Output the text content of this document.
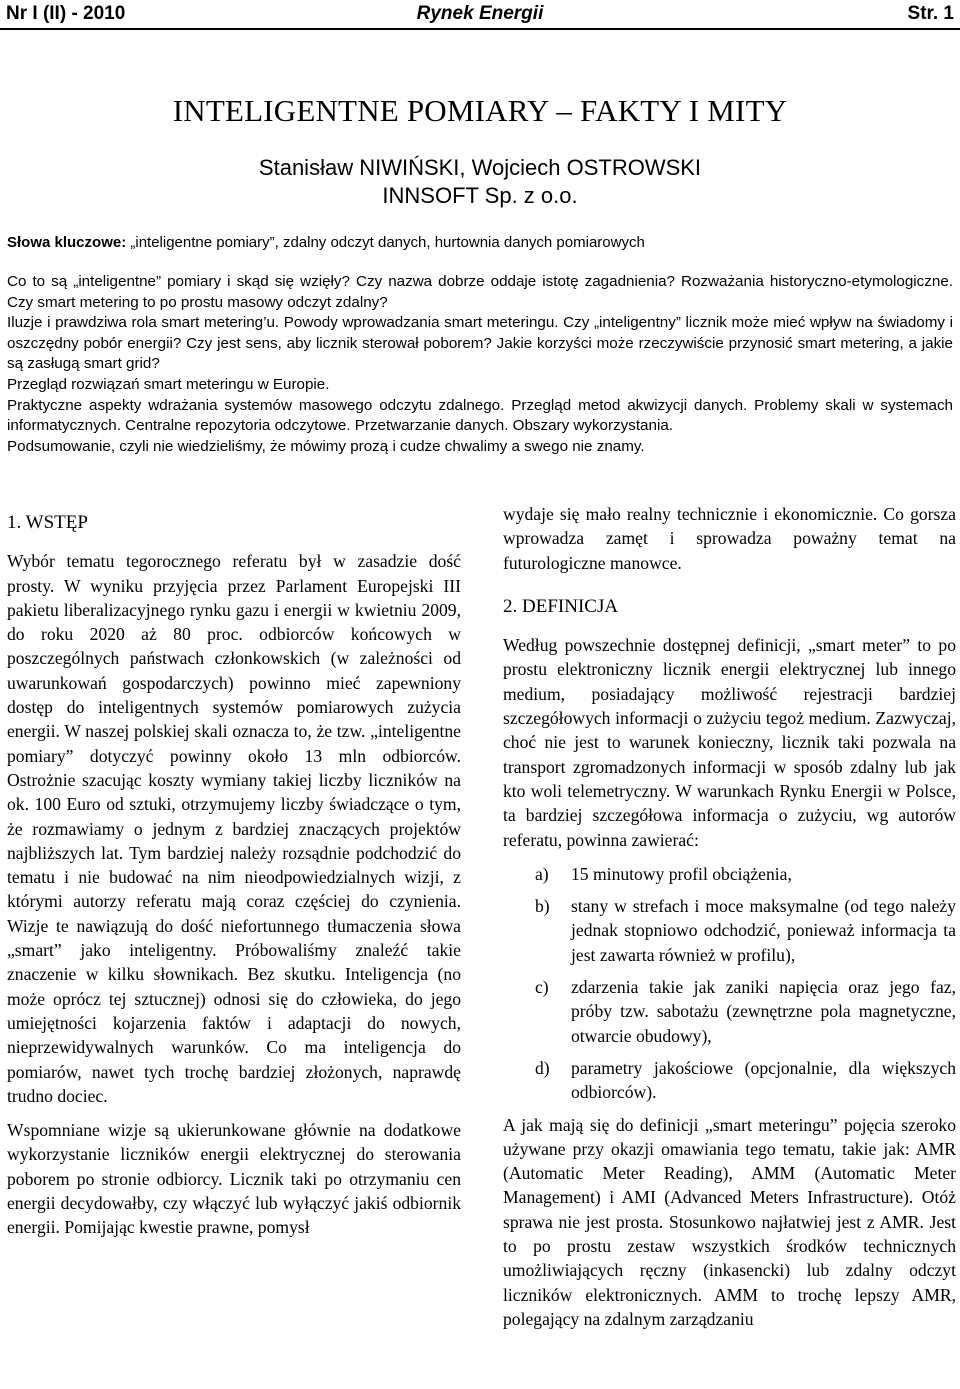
Nr I (II) - 2010	Rynek Energii	Str. 1
INTELIGENTNE POMIARY – FAKTY I MITY
Stanisław NIWIŃSKI, Wojciech OSTROWSKI
INNSOFT Sp. z o.o.
Słowa kluczowe: „inteligentne pomiary”, zdalny odczyt danych, hurtownia danych pomiarowych

Co to są „inteligentne” pomiary i skąd się wzięły? Czy nazwa dobrze oddaje istotę zagadnienia? Rozważania historyczno-etymologiczne. Czy smart metering to po prostu masowy odczyt zdalny?

Iluzje i prawdziwa rola smart metering’u. Powody wprowadzania smart meteringu. Czy „inteligentny” licznik może mieć wpływ na świadomy i oszczędny pobór energii? Czy jest sens, aby licznik sterował poborem? Jakie korzyści może rzeczywiście przynosić smart metering, a jakie są zasługą smart grid?

Przegląd rozwiązań smart meteringu w Europie.

Praktyczne aspekty wdrażania systemów masowego odczytu zdalnego. Przegląd metod akwizycji danych. Problemy skali w systemach informatycznych. Centralne repozytoria odczytowe. Przetwarzanie danych. Obszary wykorzystania.

Podsumowanie, czyli nie wiedzieliśmy, że mówimy prozą i cudze chwalimy a swego nie znamy.

1. WSTĘP

Wybór tematu tegorocznego referatu był w zasadzie dość prosty. W wyniku przyjęcia przez Parlament Europejski III pakietu liberalizacyjnego rynku gazu i energii w kwietniu 2009, do roku 2020 aż 80 proc. odbiorców końcowych w poszczególnych państwach członkowskich (w zależności od uwarunkowań gospodarczych) powinno mieć zapewniony dostęp do inteligentnych systemów pomiarowych zużycia energii. W naszej polskiej skali oznacza to, że tzw. „inteligentne pomiary” dotyczyć powinny około 13 mln odbiorców. Ostrożnie szacując koszty wymiany takiej liczby liczników na ok. 100 Euro od sztuki, otrzymujemy liczby świadczące o tym, że rozmawiamy o jednym z bardziej znaczących projektów najbliższych lat. Tym bardziej należy rozsądnie podchodzić do tematu i nie budować na nim nieodpowiedzialnych wizji, z którymi autorzy referatu mają coraz częściej do czynienia. Wizje te nawiązują do dość niefortunnego tłumaczenia słowa „smart” jako inteligentny. Próbowaliśmy znaleźć takie znaczenie w kilku słownikach. Bez skutku. Inteligencja (no może oprócz tej sztucznej) odnosi się do człowieka, do jego umiejętności kojarzenia faktów i adaptacji do nowych, nieprzewidywalnych warunków. Co ma inteligencja do pomiarów, nawet tych trochę bardziej złożonych, naprawdę trudno dociec.

Wspomniane wizje są ukierunkowane głównie na dodatkowe wykorzystanie liczników energii elektrycznej do sterowania poborem po stronie odbiorcy. Licznik taki po otrzymaniu cen energii decydowałby, czy włączyć lub wyłączyć jakiś odbiornik energii. Pomijając kwestie prawne, pomysł

wydaje się mało realny technicznie i ekonomicznie. Co gorsza wprowadza zamęt i sprowadza poważny temat na futurologiczne manowce.

2. DEFINICJA

Według powszechnie dostępnej definicji, „smart meter” to po prostu elektroniczny licznik energii elektrycznej lub innego medium, posiadający możliwość rejestracji bardziej szczegółowych informacji o zużyciu tegoż medium. Zazwyczaj, choć nie jest to warunek konieczny, licznik taki pozwala na transport zgromadzonych informacji w sposób zdalny lub jak kto woli telemetryczny. W warunkach Rynku Energii w Polsce, ta bardziej szczegółowa informacja o zużyciu, wg autorów referatu, powinna zawierać:

a) 15 minutowy profil obciążenia,
b) stany w strefach i moce maksymalne (od tego należy jednak stopniowo odchodzić, ponieważ informacja ta jest zawarta również w profilu),
c) zdarzenia takie jak zaniki napięcia oraz jego faz, próby tzw. sabotażu (zewnętrzne pola magnetyczne, otwarcie obudowy),
d) parametry jakościowe (opcjonalnie, dla większych odbiorców).

A jak mają się do definicji „smart meteringu” pojęcia szeroko używane przy okazji omawiania tego tematu, takie jak: AMR (Automatic Meter Reading), AMM (Automatic Meter Management) i AMI (Advanced Meters Infrastructure). Otóż sprawa nie jest prosta. Stosunkowo najłatwiej jest z AMR. Jest to po prostu zestaw wszystkich środków technicznych umożliwiających ręczny (inkasencki) lub zdalny odczyt liczników elektronicznych. AMM to trochę lepszy AMR, polegający na zdalnym zarządzaniu
